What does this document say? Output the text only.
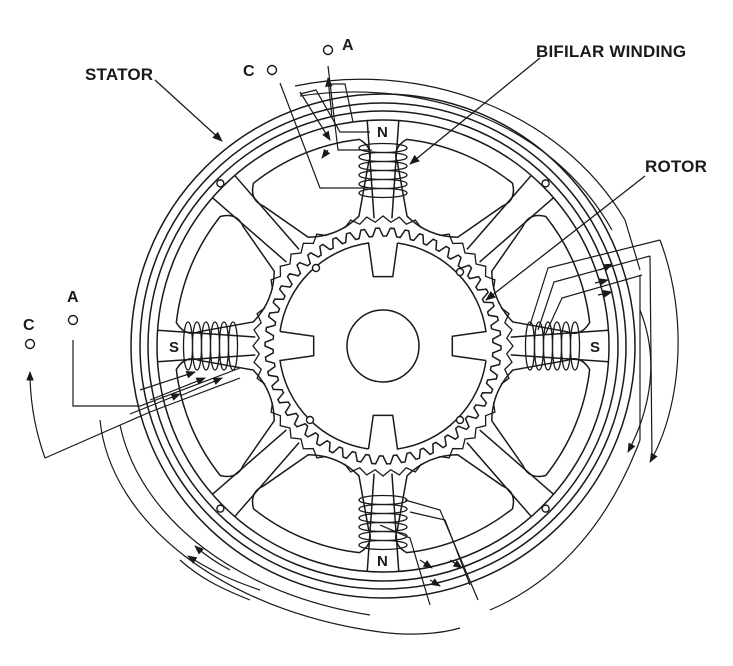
STATOR
BIFILAR WINDING
ROTOR
N
N
S	S
A
C
A
C
